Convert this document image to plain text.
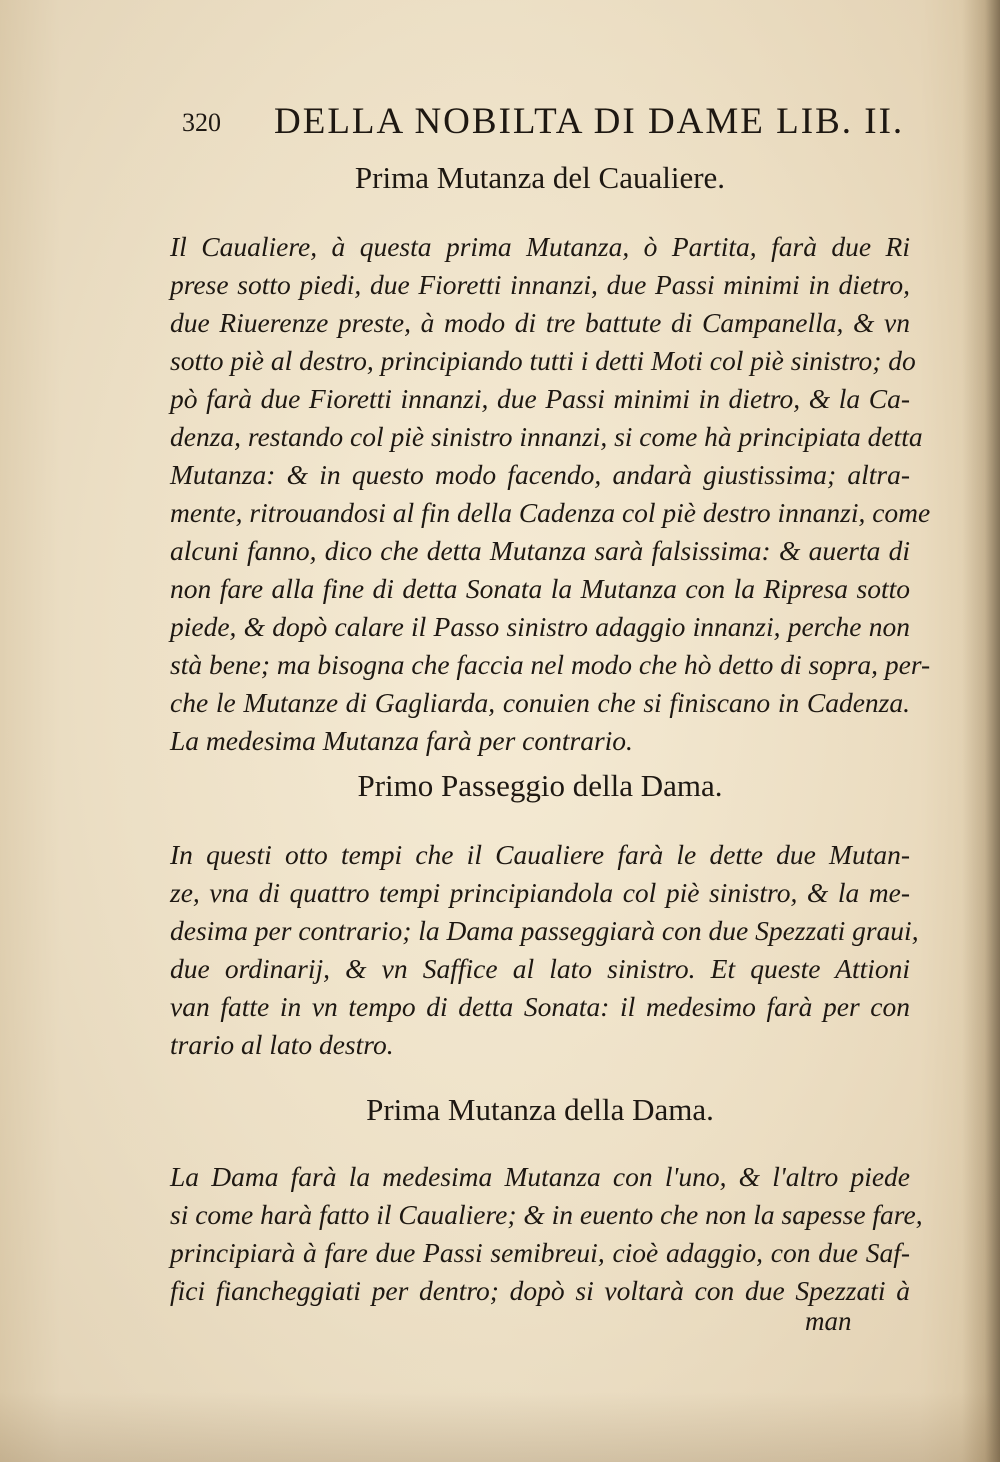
320 DELLA NOBILTA DI DAME LIB. II.
Prima Mutanza del Caualiere.
Il Caualiere, à questa prima Mutanza, ò Partita, farà due Ri
prese sotto piedi, due Fioretti innanzi, due Passi minimi in dietro,
due Riuerenze preste, à modo di tre battute di Campanella, & vn
sotto piè al destro, principiando tutti i detti Moti col piè sinistro; do
pò farà due Fioretti innanzi, due Passi minimi in dietro, & la Ca-
denza, restando col piè sinistro innanzi, si come hà principiata detta
Mutanza: & in questo modo facendo, andarà giustissima; altra-
mente, ritrouandosi al fin della Cadenza col piè destro innanzi, come
alcuni fanno, dico che detta Mutanza sarà falsissima: & auerta di
non fare alla fine di detta Sonata la Mutanza con la Ripresa sotto
piede, & dopò calare il Passo sinistro adaggio innanzi, perche non
stà bene; ma bisogna che faccia nel modo che hò detto di sopra, per-
che le Mutanze di Gagliarda, conuien che si finiscano in Cadenza.
La medesima Mutanza farà per contrario.
Primo Passeggio della Dama.
In questi otto tempi che il Caualiere farà le dette due Mutan-
ze, vna di quattro tempi principiandola col piè sinistro, & la me-
desima per contrario; la Dama passeggiarà con due Spezzati graui,
due ordinarij, & vn Saffice al lato sinistro. Et queste Attioni
van fatte in vn tempo di detta Sonata: il medesimo farà per con
trario al lato destro.
Prima Mutanza della Dama.
La Dama farà la medesima Mutanza con l'uno, & l'altro piede
si come harà fatto il Caualiere; & in euento che non la sapesse fare,
principiarà à fare due Passi semibreui, cioè adaggio, con due Saf-
fici fiancheggiati per dentro; dopò si voltarà con due Spezzati à
man
